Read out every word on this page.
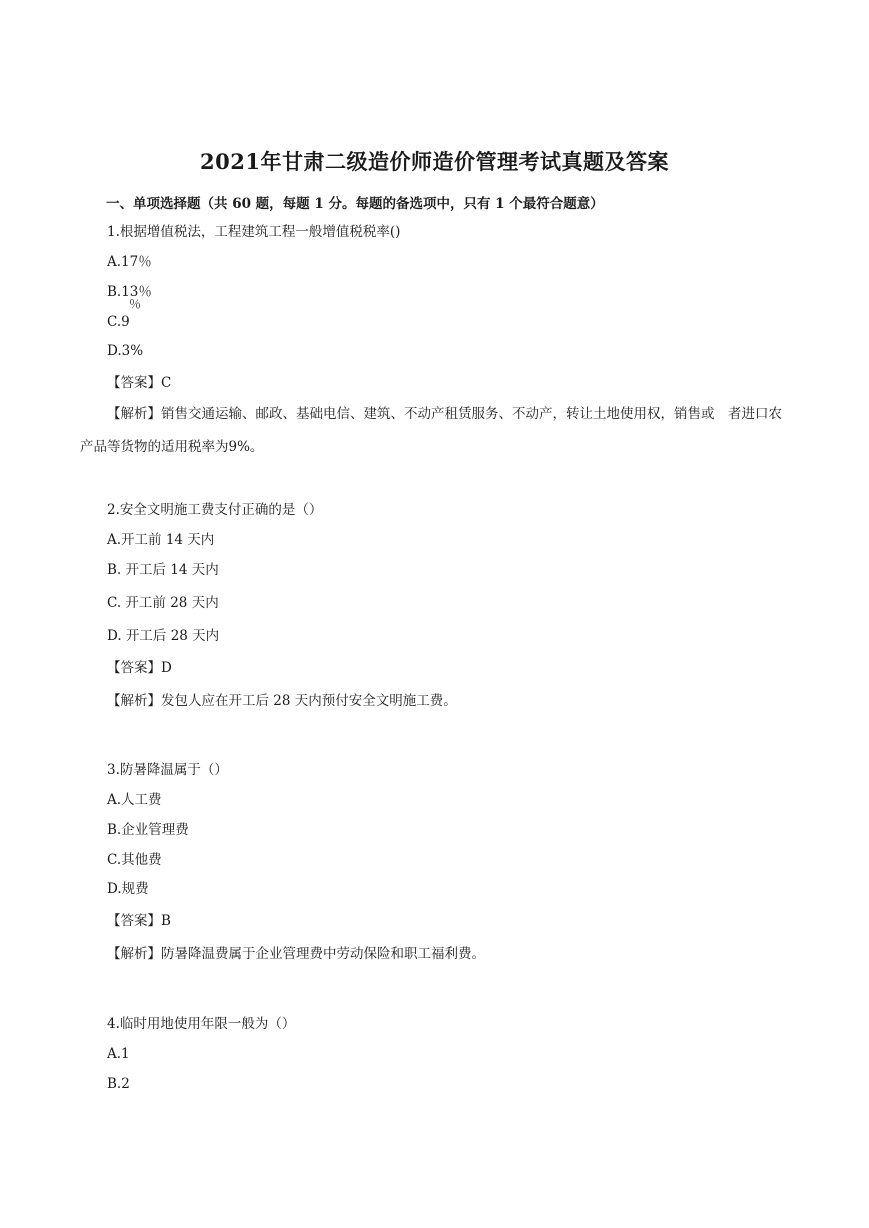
2021年甘肃二级造价师造价管理考试真题及答案
一、单项选择题（共 60 题，每题 1 分。每题的备选项中，只有 1 个最符合题意）
1.根据增值税法，工程建筑工程一般增值税税率()
A.17％
B.13％
％
C.9
D.3%
【答案】C
【解析】销售交通运输、邮政、基础电信、建筑、不动产租赁服务、不动产，转让土地使用权，销售或　者进口农产品等货物的适用税率为9%。
2.安全文明施工费支付正确的是（）
A.开工前 14 天内
B. 开工后 14 天内
C. 开工前 28 天内
D. 开工后 28 天内
【答案】D
【解析】发包人应在开工后 28 天内预付安全文明施工费。
3.防暑降温属于（）
A.人工费
B.企业管理费
C.其他费
D.规费
【答案】B
【解析】防暑降温费属于企业管理费中劳动保险和职工福利费。
4.临时用地使用年限一般为（）
A.1
B.2
